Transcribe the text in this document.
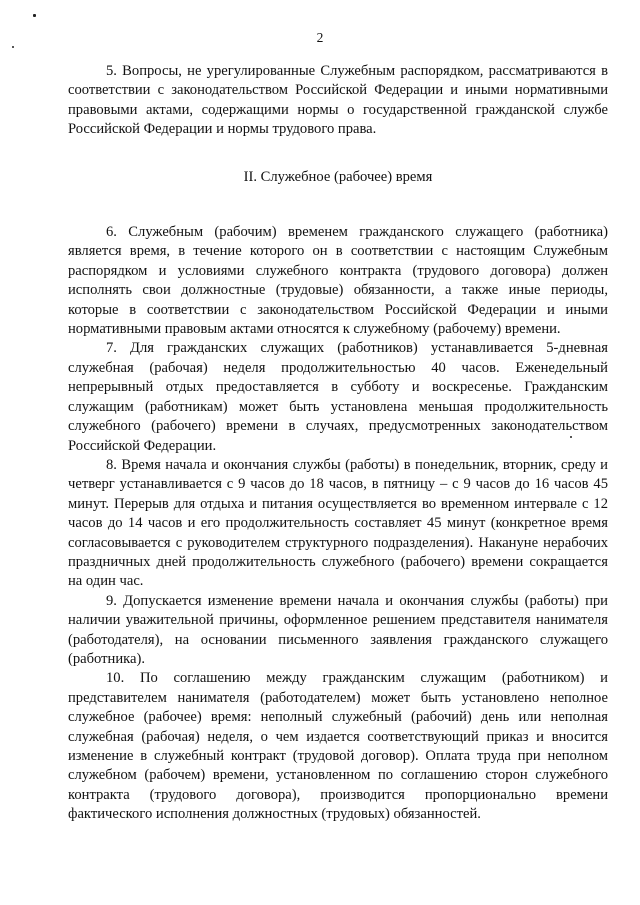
2

5. Вопросы, не урегулированные Служебным распорядком, рассматриваются в соответствии с законодательством Российской Федерации и иными нормативными правовыми актами, содержащими нормы о государственной гражданской службе Российской Федерации и нормы трудового права.

II. Служебное (рабочее) время

6. Служебным (рабочим) временем гражданского служащего (работника) является время, в течение которого он в соответствии с настоящим Служебным распорядком и условиями служебного контракта (трудового договора) должен исполнять свои должностные (трудовые) обязанности, а также иные периоды, которые в соответствии с законодательством Российской Федерации и иными нормативными правовым актами относятся к служебному (рабочему) времени.

7. Для гражданских служащих (работников) устанавливается 5-дневная служебная (рабочая) неделя продолжительностью 40 часов. Еженедельный непрерывный отдых предоставляется в субботу и воскресенье. Гражданским служащим (работникам) может быть установлена меньшая продолжительность служебного (рабочего) времени в случаях, предусмотренных законодательством Российской Федерации.

8. Время начала и окончания службы (работы) в понедельник, вторник, среду и четверг устанавливается с 9 часов до 18 часов, в пятницу – с 9 часов до 16 часов 45 минут. Перерыв для отдыха и питания осуществляется во временном интервале с 12 часов до 14 часов и его продолжительность составляет 45 минут (конкретное время согласовывается с руководителем структурного подразделения). Накануне нерабочих праздничных дней продолжительность служебного (рабочего) времени сокращается на один час.

9. Допускается изменение времени начала и окончания службы (работы) при наличии уважительной причины, оформленное решением представителя нанимателя (работодателя), на основании письменного заявления гражданского служащего (работника).

10. По соглашению между гражданским служащим (работником) и представителем нанимателя (работодателем) может быть установлено неполное служебное (рабочее) время: неполный служебный (рабочий) день или неполная служебная (рабочая) неделя, о чем издается соответствующий приказ и вносится изменение в служебный контракт (трудовой договор). Оплата труда при неполном служебном (рабочем) времени, установленном по соглашению сторон служебного контракта (трудового договора), производится пропорционально времени фактического исполнения должностных (трудовых) обязанностей.
